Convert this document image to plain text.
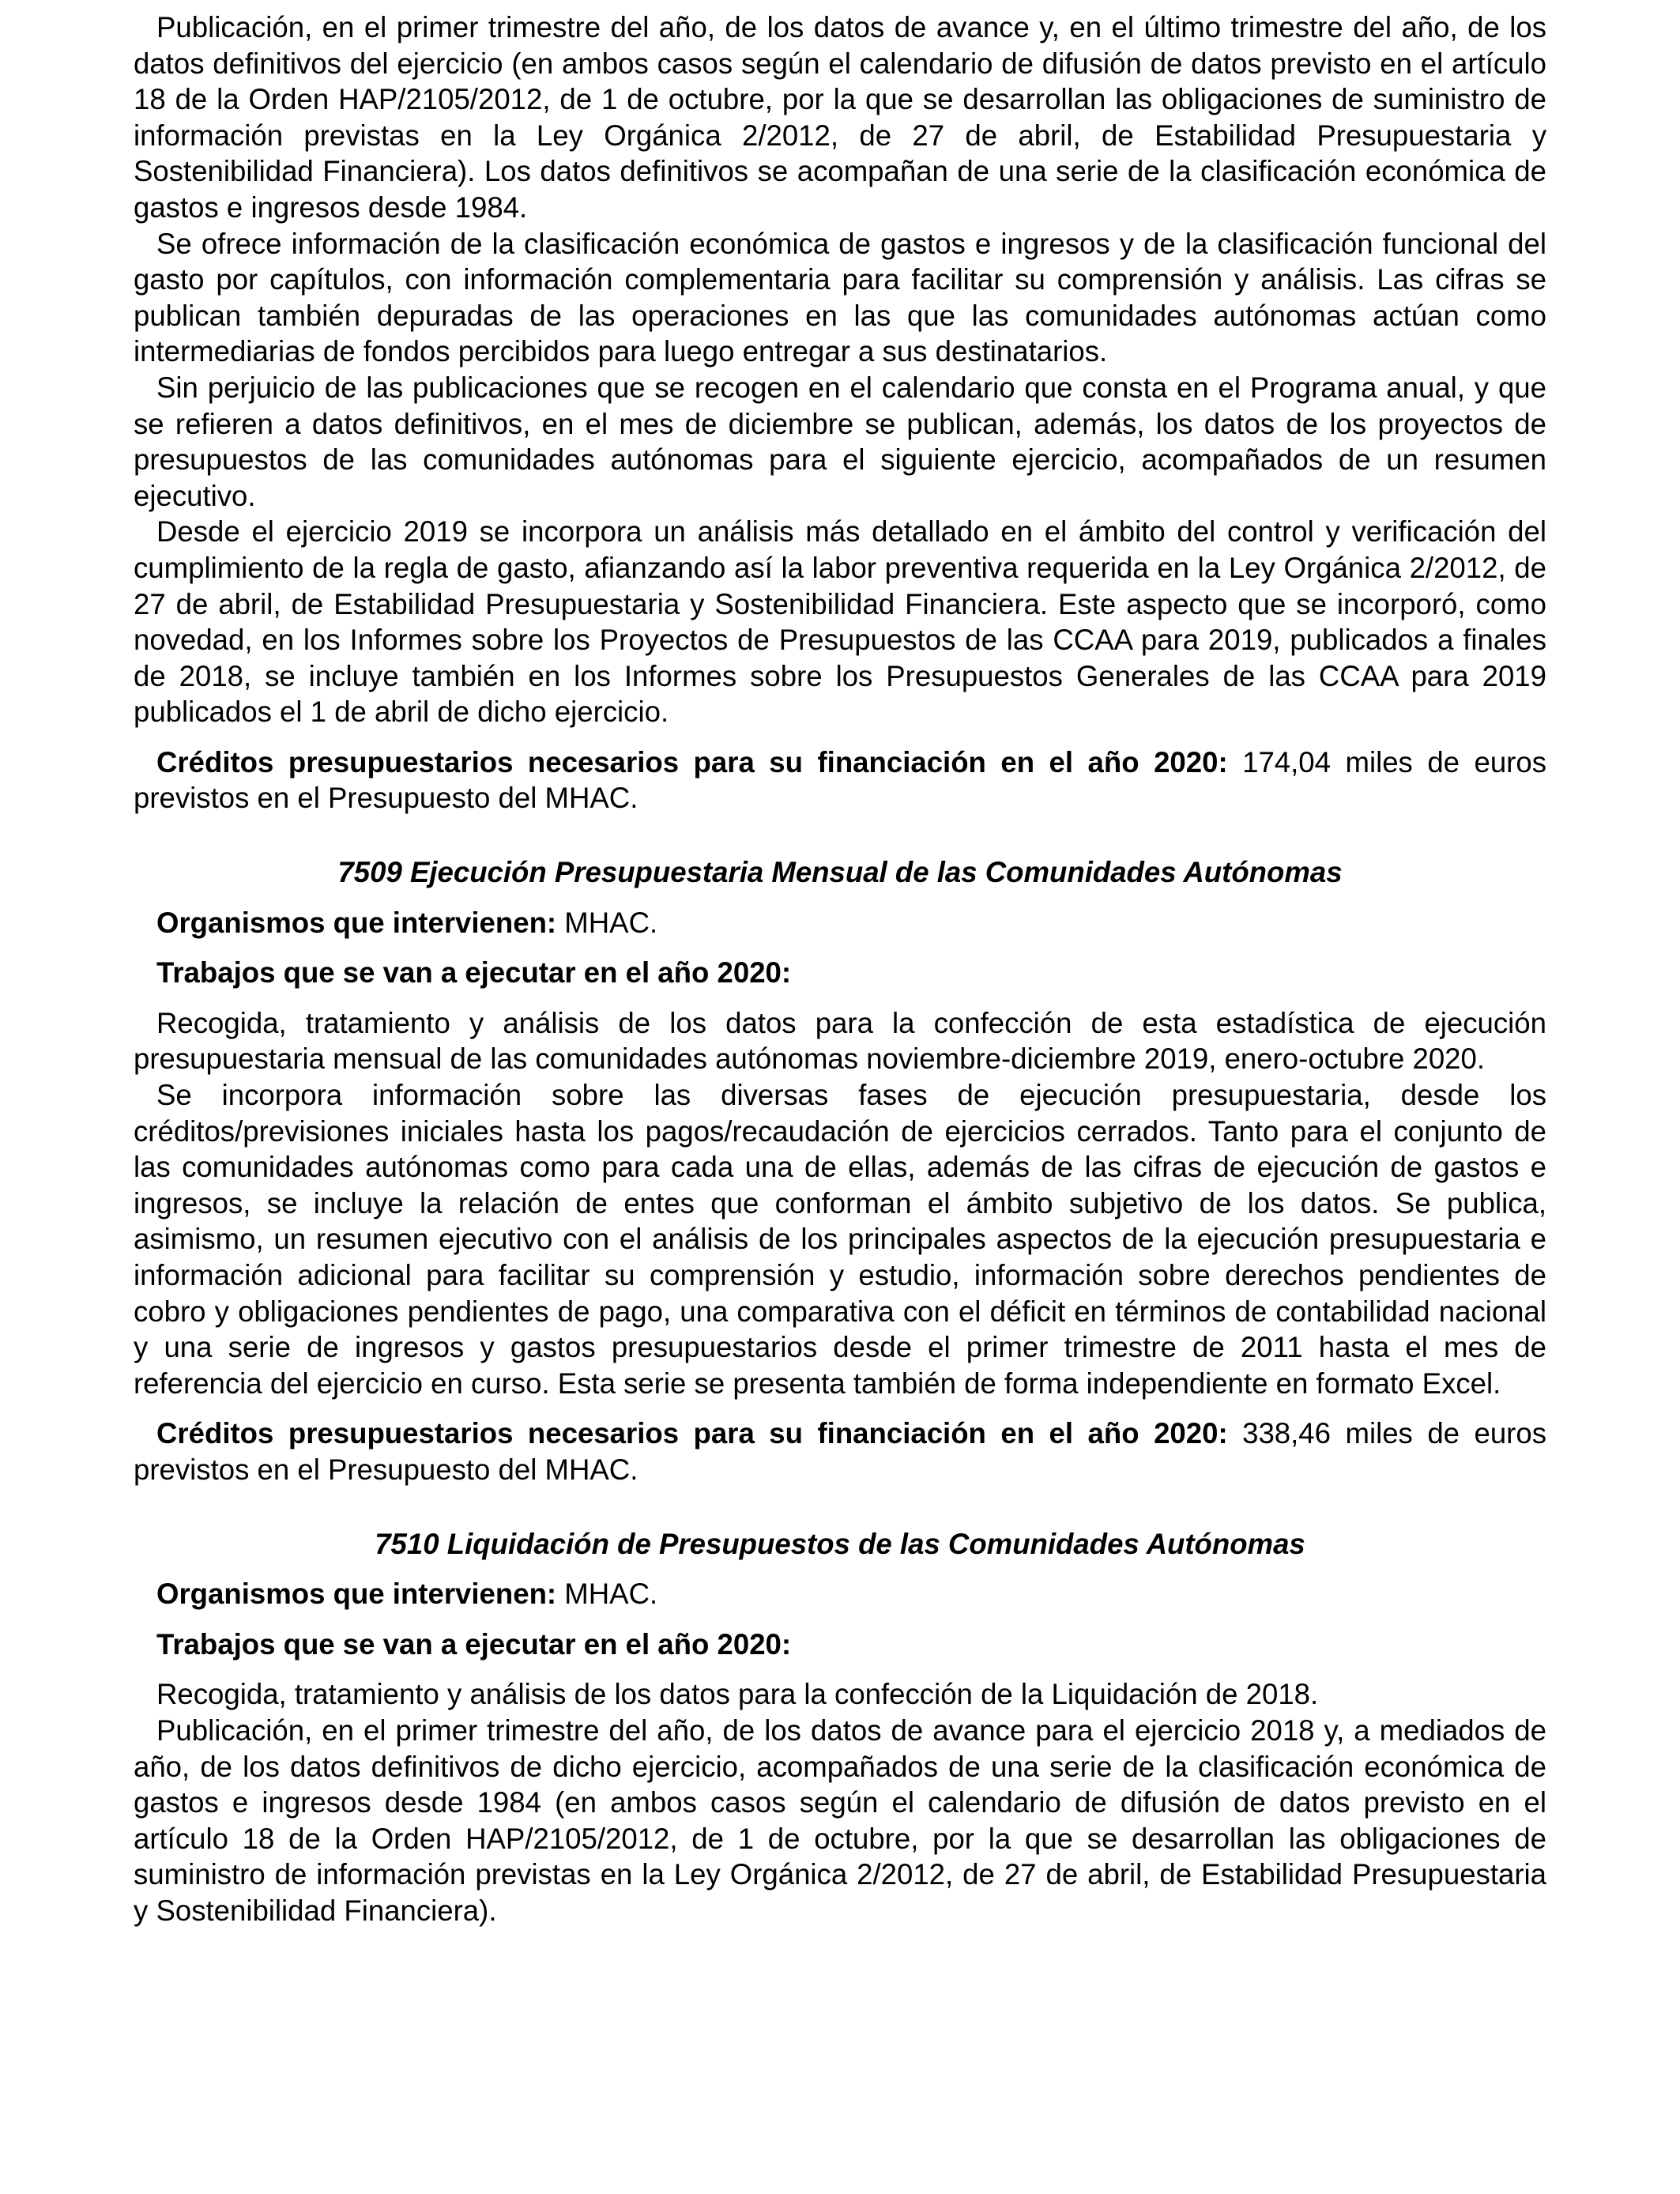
Publicación, en el primer trimestre del año, de los datos de avance y, en el último trimestre del año, de los datos definitivos del ejercicio (en ambos casos según el calendario de difusión de datos previsto en el artículo 18 de la Orden HAP/2105/2012, de 1 de octubre, por la que se desarrollan las obligaciones de suministro de información previstas en la Ley Orgánica 2/2012, de 27 de abril, de Estabilidad Presupuestaria y Sostenibilidad Financiera). Los datos definitivos se acompañan de una serie de la clasificación económica de gastos e ingresos desde 1984.

Se ofrece información de la clasificación económica de gastos e ingresos y de la clasificación funcional del gasto por capítulos, con información complementaria para facilitar su comprensión y análisis. Las cifras se publican también depuradas de las operaciones en las que las comunidades autónomas actúan como intermediarias de fondos percibidos para luego entregar a sus destinatarios.

Sin perjuicio de las publicaciones que se recogen en el calendario que consta en el Programa anual, y que se refieren a datos definitivos, en el mes de diciembre se publican, además, los datos de los proyectos de presupuestos de las comunidades autónomas para el siguiente ejercicio, acompañados de un resumen ejecutivo.

Desde el ejercicio 2019 se incorpora un análisis más detallado en el ámbito del control y verificación del cumplimiento de la regla de gasto, afianzando así la labor preventiva requerida en la Ley Orgánica 2/2012, de 27 de abril, de Estabilidad Presupuestaria y Sostenibilidad Financiera. Este aspecto que se incorporó, como novedad, en los Informes sobre los Proyectos de Presupuestos de las CCAA para 2019, publicados a finales de 2018, se incluye también en los Informes sobre los Presupuestos Generales de las CCAA para 2019 publicados el 1 de abril de dicho ejercicio.

Créditos presupuestarios necesarios para su financiación en el año 2020: 174,04 miles de euros previstos en el Presupuesto del MHAC.

7509 Ejecución Presupuestaria Mensual de las Comunidades Autónomas

Organismos que intervienen: MHAC.

Trabajos que se van a ejecutar en el año 2020:

Recogida, tratamiento y análisis de los datos para la confección de esta estadística de ejecución presupuestaria mensual de las comunidades autónomas noviembre-diciembre 2019, enero-octubre 2020.

Se incorpora información sobre las diversas fases de ejecución presupuestaria, desde los créditos/previsiones iniciales hasta los pagos/recaudación de ejercicios cerrados. Tanto para el conjunto de las comunidades autónomas como para cada una de ellas, además de las cifras de ejecución de gastos e ingresos, se incluye la relación de entes que conforman el ámbito subjetivo de los datos. Se publica, asimismo, un resumen ejecutivo con el análisis de los principales aspectos de la ejecución presupuestaria e información adicional para facilitar su comprensión y estudio, información sobre derechos pendientes de cobro y obligaciones pendientes de pago, una comparativa con el déficit en términos de contabilidad nacional y una serie de ingresos y gastos presupuestarios desde el primer trimestre de 2011 hasta el mes de referencia del ejercicio en curso. Esta serie se presenta también de forma independiente en formato Excel.

Créditos presupuestarios necesarios para su financiación en el año 2020: 338,46 miles de euros previstos en el Presupuesto del MHAC.

7510 Liquidación de Presupuestos de las Comunidades Autónomas

Organismos que intervienen: MHAC.

Trabajos que se van a ejecutar en el año 2020:

Recogida, tratamiento y análisis de los datos para la confección de la Liquidación de 2018.

Publicación, en el primer trimestre del año, de los datos de avance para el ejercicio 2018 y, a mediados de año, de los datos definitivos de dicho ejercicio, acompañados de una serie de la clasificación económica de gastos e ingresos desde 1984 (en ambos casos según el calendario de difusión de datos previsto en el artículo 18 de la Orden HAP/2105/2012, de 1 de octubre, por la que se desarrollan las obligaciones de suministro de información previstas en la Ley Orgánica 2/2012, de 27 de abril, de Estabilidad Presupuestaria y Sostenibilidad Financiera).
